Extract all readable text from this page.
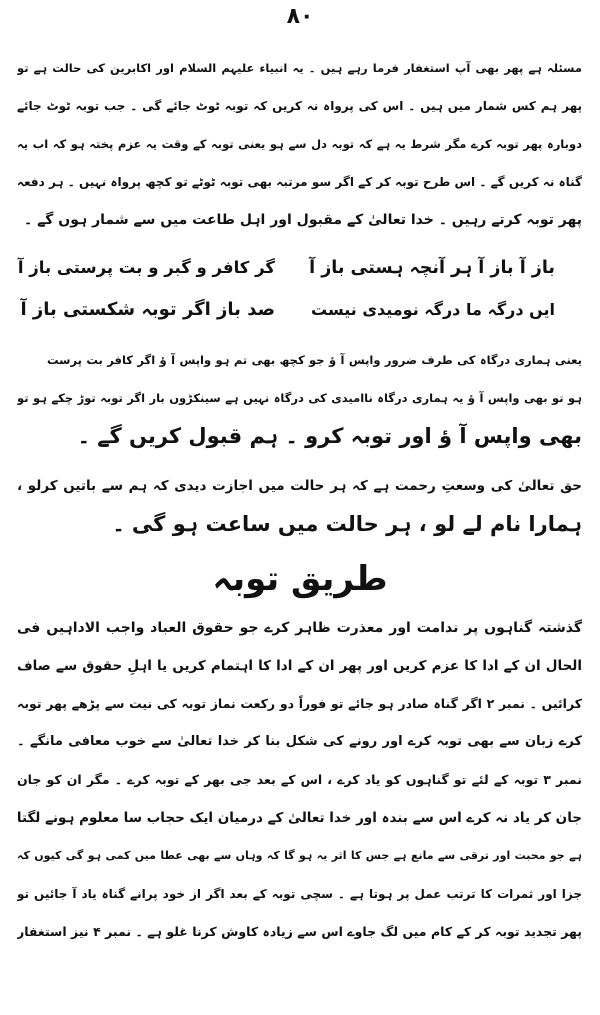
۸۰
مسئلہ ہے پھر بھی آپ استغفار فرما رہے ہیں ۔ یہ انبیاء علیہم السلام اور اکابرین کی حالت ہے تو
پھر ہم کس شمار میں ہیں ۔ اس کی پرواہ نہ کریں کہ توبہ ٹوٹ جائے گی ۔ جب توبہ ٹوٹ جائے
دوبارہ پھر توبہ کرے مگر شرط یہ ہے کہ توبہ دل سے ہو یعنی توبہ کے وقت یہ عزم پختہ ہو کہ اب یہ
گناہ نہ کریں گے ۔ اس طرح توبہ کر کے اگر سو مرتبہ بھی توبہ ٹوٹے تو کچھ پرواہ نہیں ۔ ہر دفعہ
پھر توبہ کرتے رہیں ۔ خدا تعالیٰ کے مقبول اور اہل طاعت میں سے شمار ہوں گے ۔
باز آ باز آ ہر آنچہ ہستی باز آ
گر کافر و گبر و بت پرستی باز آ
ایں درگہ ما درگہ نومیدی نیست
صد باز اگر توبہ شکستی باز آ
یعنی ہماری درگاہ کی طرف ضرور واپس آ ؤ جو کچھ بھی تم ہو واپس آ ؤ اگر کافر بت پرست
ہو تو بھی واپس آ ؤ یہ ہماری درگاہ ناامیدی کی درگاہ نہیں ہے سینکڑوں بار اگر توبہ توڑ چکے ہو تو
بھی واپس آ ؤ اور توبہ کرو ۔ ہم قبول کریں گے ۔
حق تعالیٰ کی وسعتِ رحمت ہے کہ ہر حالت میں اجازت دیدی کہ ہم سے باتیں کرلو ،
ہمارا نام لے لو ، ہر حالت میں ساعت ہو گی ۔
طریق توبہ
گذشتہ گناہوں پر ندامت اور معذرت ظاہر کرے جو حقوق العباد واجب الاداہیں فی
الحال ان کے ادا کا عزم کریں اور پھر ان کے ادا کا اہتمام کریں یا اہلِ حقوق سے صاف
کرائیں ۔ نمبر ۲ اگر گناہ صادر ہو جائے تو فوراً دو رکعت نماز توبہ کی نیت سے پڑھے پھر توبہ
کرے زبان سے بھی توبہ کرے اور رونے کی شکل بنا کر خدا تعالیٰ سے خوب معافی مانگے ۔
نمبر ۳ توبہ کے لئے تو گناہوں کو یاد کرے ، اس کے بعد جی بھر کے توبہ کرے ۔ مگر ان کو جان
جان کر یاد نہ کرے اس سے بندہ اور خدا تعالیٰ کے درمیان ایک حجاب سا معلوم ہونے لگتا
ہے جو محبت اور ترقی سے مانع ہے جس کا اثر یہ ہو گا کہ وہاں سے بھی عطا میں کمی ہو گی کیوں کہ
جزا اور ثمرات کا ترتب عمل پر ہوتا ہے ۔ سچی توبہ کے بعد اگر از خود پرانے گناہ یاد آ جائیں تو
پھر تجدید توبہ کر کے کام میں لگ جاوے اس سے زیادہ کاوش کرنا غلو ہے ۔ نمبر ۴ نیز استغفار
